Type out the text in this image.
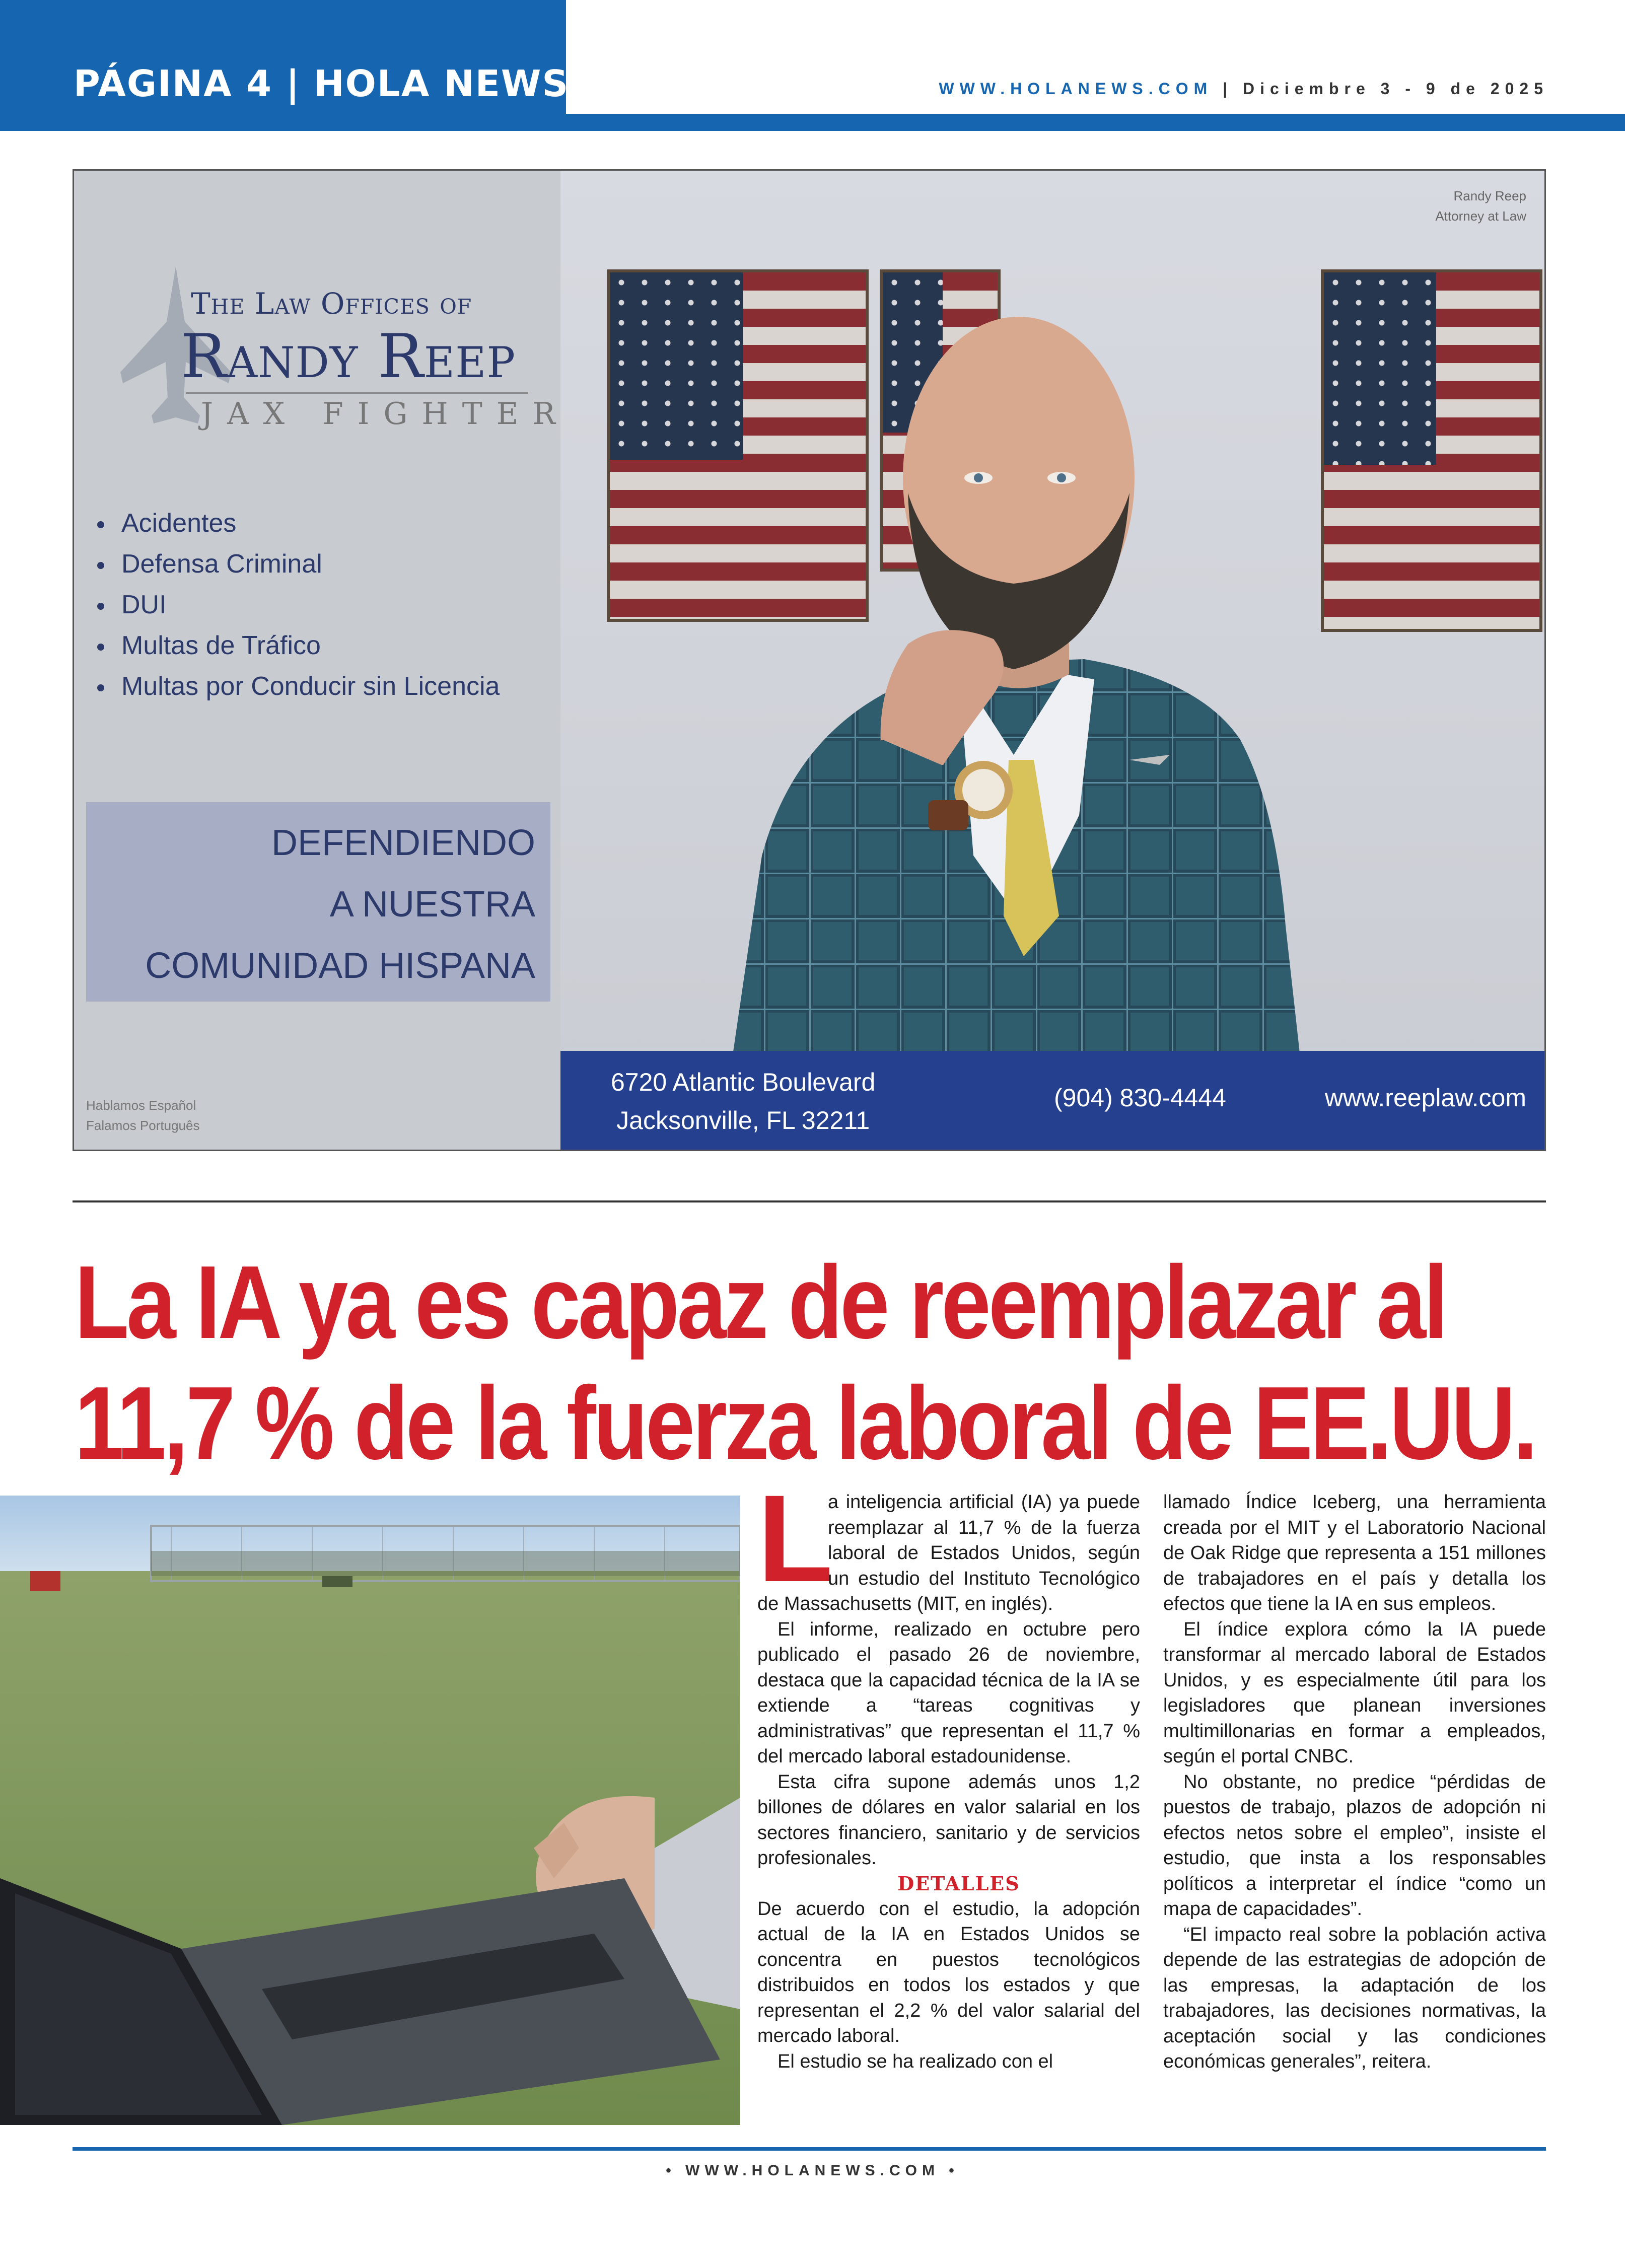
PÁGINA 4 | HOLA NEWS	WWW.HOLANEWS.COM | Diciembre 3 - 9 de 2025
Randy Reep
Attorney at Law
The Law Offices of
Randy Reep
JAX FIGHTER
Acidentes
Defensa Criminal
DUI
Multas de Tráfico
Multas por Conducir sin Licencia
DEFENDIENDO
A NUESTRA
COMUNIDAD HISPANA
Hablamos Español
Falamos Português
6720 Atlantic Boulevard
Jacksonville, FL 32211
(904) 830-4444	www.reeplaw.com
La IA ya es capaz de reemplazar al
11,7 % de la fuerza laboral de EE.UU.
L

a inteligencia artificial (IA) ya puede reemplazar al 11,7 % de la fuerza laboral de Estados Unidos, según un estudio del Instituto Tecnológico de Massachusetts (MIT, en inglés).

El informe, realizado en octubre pero publicado el pasado 26 de noviembre, destaca que la capacidad técnica de la IA se extiende a “tareas cognitivas y administrativas” que representan el 11,7 % del mercado laboral estadounidense.

Esta cifra supone además unos 1,2 billones de dólares en valor salarial en los sectores financiero, sanitario y de servicios profesionales.

DETALLES

De acuerdo con el estudio, la adopción actual de la IA en Estados Unidos se concentra en puestos tecnológicos distribuidos en todos los estados y que representan el 2,2 % del valor salarial del mercado laboral.

El estudio se ha realizado con el

llamado Índice Iceberg, una herramienta creada por el MIT y el Laboratorio Nacional de Oak Ridge que representa a 151 millones de trabajadores en el país y detalla los efectos que tiene la IA en sus empleos.

El índice explora cómo la IA puede transformar al mercado laboral de Estados Unidos, y es especialmente útil para los legisladores que planean inversiones multimillonarias en formar a empleados, según el portal CNBC.

No obstante, no predice “pérdidas de puestos de trabajo, plazos de adopción ni efectos netos sobre el empleo”, insiste el estudio, que insta a los responsables políticos a interpretar el índice “como un mapa de capacidades”.

“El impacto real sobre la población activa depende de las estrategias de adopción de las empresas, la adaptación de los trabajadores, las decisiones normativas, la aceptación social y las condiciones económicas generales”, reitera.

• WWW.HOLANEWS.COM •
